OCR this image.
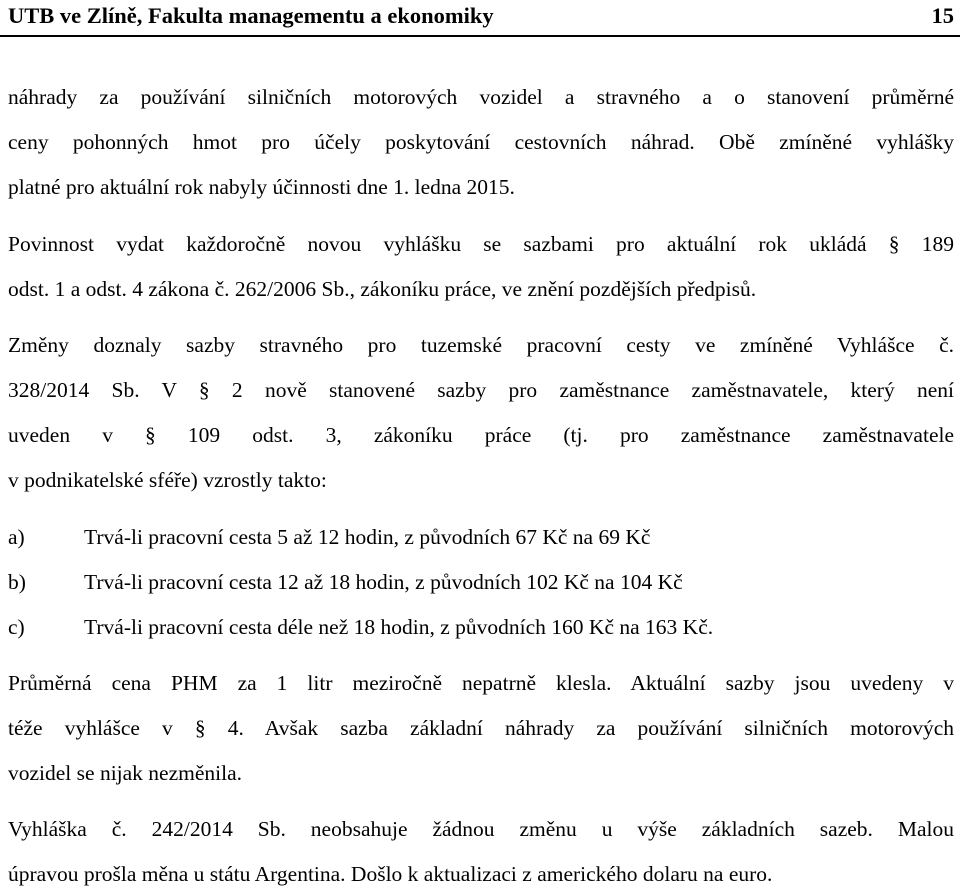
UTB ve Zlíně, Fakulta managementu a ekonomiky	15
náhrady za používání silničních motorových vozidel a stravného a o stanovení průměrné
ceny pohonných hmot pro účely poskytování cestovních náhrad. Obě zmíněné vyhlášky
platné pro aktuální rok nabyly účinnosti dne 1. ledna 2015.
Povinnost vydat každoročně novou vyhlášku se sazbami pro aktuální rok ukládá § 189
odst. 1 a odst. 4 zákona č. 262/2006 Sb., zákoníku práce, ve znění pozdějších předpisů.
Změny doznaly sazby stravného pro tuzemské pracovní cesty ve zmíněné Vyhlášce č.
328/2014 Sb. V § 2 nově stanovené sazby pro zaměstnance zaměstnavatele, který není
uveden v § 109 odst. 3, zákoníku práce (tj. pro zaměstnance zaměstnavatele
v podnikatelské sféře) vzrostly takto:
a)	Trvá-li pracovní cesta 5 až 12 hodin, z původních 67 Kč na 69 Kč
b)	Trvá-li pracovní cesta 12 až 18 hodin, z původních 102 Kč na 104 Kč
c)	Trvá-li pracovní cesta déle než 18 hodin, z původních 160 Kč na 163 Kč.
Průměrná cena PHM za 1 litr meziročně nepatrně klesla. Aktuální sazby jsou uvedeny v
téže vyhlášce v § 4. Avšak sazba základní náhrady za používání silničních motorových
vozidel se nijak nezměnila.
Vyhláška č. 242/2014 Sb. neobsahuje žádnou změnu u výše základních sazeb. Malou
úpravou prošla měna u státu Argentina. Došlo k aktualizaci z amerického dolaru na euro.
